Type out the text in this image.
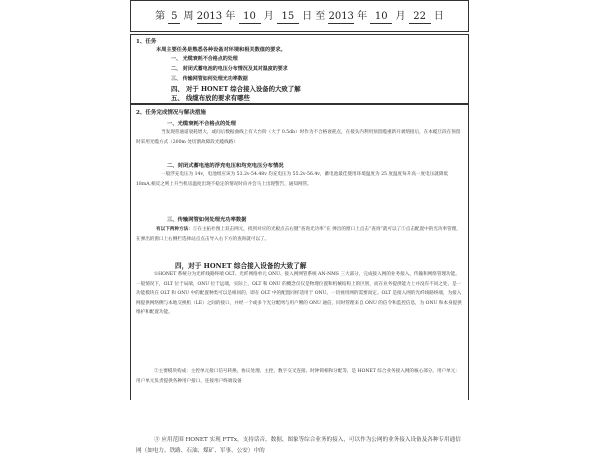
第 5 周 2013 年 10 月 15 日 至 2013 年 10 月 22 日
1、任务
本周主要任务是熟悉各种设备对环境和相关数值的要求。
一、 光缆衰耗不合格点的处理
二、 封闭式蓄电池的电压分布情况及其对温度的要求
三、 传输网管如何处理光功率数据
四、 对于 HONET 综合接入设备的大致了解
五、 线缆布放的要求有哪些
2、任务完成情况与解决措施
一、光缆衰耗不合格点的处理
当发现普通道衰耗增大，或问后数据曲线上有大台阶（大于 0.5db）时作为不合格衰耗点，在接头内利用预留缆重新开剥熔接后，在本缆旦段在预留时采用光缆方式（200m 处切割故障段光缆线路）
二、封闭式蓄电池的浮充电压和均充电压分布情况
一般浮充电压为 14v，电池组应该为 53.2v-54.48v 均充电压为 55.2v-56.4v，蓄电池最佳使用环境温度为 25 度温度每升高一度电压就降低 18mA,相反之则上升当机房温度出现不稳定的情况时向并会马上出现警告，通知网管。
三、传输网管如何处理光功率数据
有以下两种方法：①在主拓扑图上双击网元，找到对应的光板点击右键“查询光功率”在 弹出的窗口上点击“查询”就可以了②点击配置中的光功率管理，在弹出的窗口上右侧栏选择站点点击导入右下方的查询就可以了。
四，对于 HONET 综合接入设备的大致了解
①HONET 系统分为光纤线路终端 OLT、光纤网络单元 ONU、接入网网管系统 AN-NMS 三大部分，完成接入网的业务接入、传输和网络管理功能。一般情况下，OLT 位于局端，ONU 位于远端，实际上，OLT 和 ONU 的概念仅仅是物理位置和机械结构上的区别，而在业务提供能力上并没有不同之处，是一功能模块在 OLT 和 ONU 中的配置种类可以是相同的，即在 OLT 中的配置同样适用于 ONU。一切视用网的需要而定。OLT 是接入网的光纤线路终端，为接入网提供网络侧与本地交换机（LE）之间的接口，并经一个或多个光分配网与用户侧的 ONU 通信，同时管理来自 ONU 的信令和监控信息，为 ONU 和本身提供维护和配置功能。
②主要模块构成：主控单元接口信号转换、协议处理、主控、数字交叉连接、时钟锁相和分配等，是 HONET 综合业务接入网的核心部分。用户单元：用户单元负责提供各种用户接口，连接用户终端设备
③ 应用范围 HONET 实现 FTTx，支持话音、数据、图象等综合业务的接入，可以作为公网的业务接入设备及各种专用通信网（如电力、铁路、石油、煤矿、军事、公安）中的
